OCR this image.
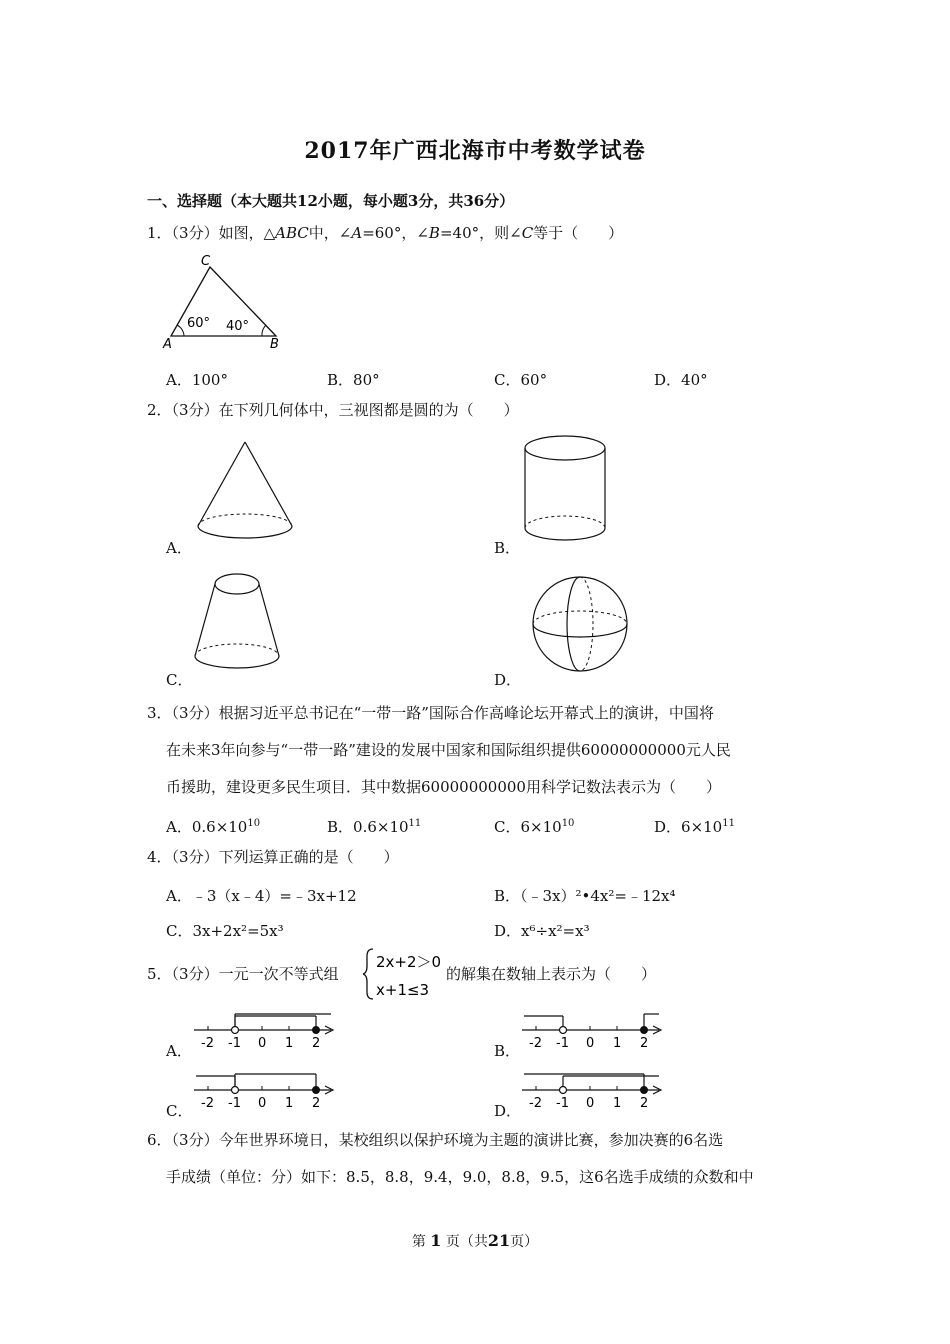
2017年广西北海市中考数学试卷
一、选择题（本大题共12小题，每小题3分，共36分）
1．（3分）如图，△ABC中，∠A=60°，∠B=40°，则∠C等于（　　）
C
A	B
60° 40°
A．100°	B．80°	C．60°	D．40°
2．（3分）在下列几何体中，三视图都是圆的为（　　）
A．	B．
C．	D．
3．（3分）根据习近平总书记在“一带一路”国际合作高峰论坛开幕式上的演讲，中国将
在未来3年向参与“一带一路”建设的发展中国家和国际组织提供60000000000元人民
币援助，建设更多民生项目．其中数据60000000000用科学记数法表示为（　　）
A．$0.6\times 10^{10}$	B．$0.6\times 10^{11}$	C．$6\times 10^{10}$	D．$6\times 10^{11}$
4．（3分）下列运算正确的是（　　）
A．﹣3（x﹣4）=﹣3x+12	B．（﹣3x）²•4x²=﹣12x⁴
C．3x+2x²=5x³	D．x⁶÷x²=x³
5．（3分）一元一次不等式组
2x+2＞0
x+1≤3
的解集在数轴上表示为（　　）
A． -2 -1 0 1 2	B． -2 -1 0 1 2
C． -2 -1 0 1 2	D． -2 -1 0 1 2
6．（3分）今年世界环境日，某校组织以保护环境为主题的演讲比赛，参加决赛的6名选
手成绩（单位：分）如下：8.5，8.8，9.4，9.0，8.8，9.5，这6名选手成绩的众数和中
第 1 页（共21页）
